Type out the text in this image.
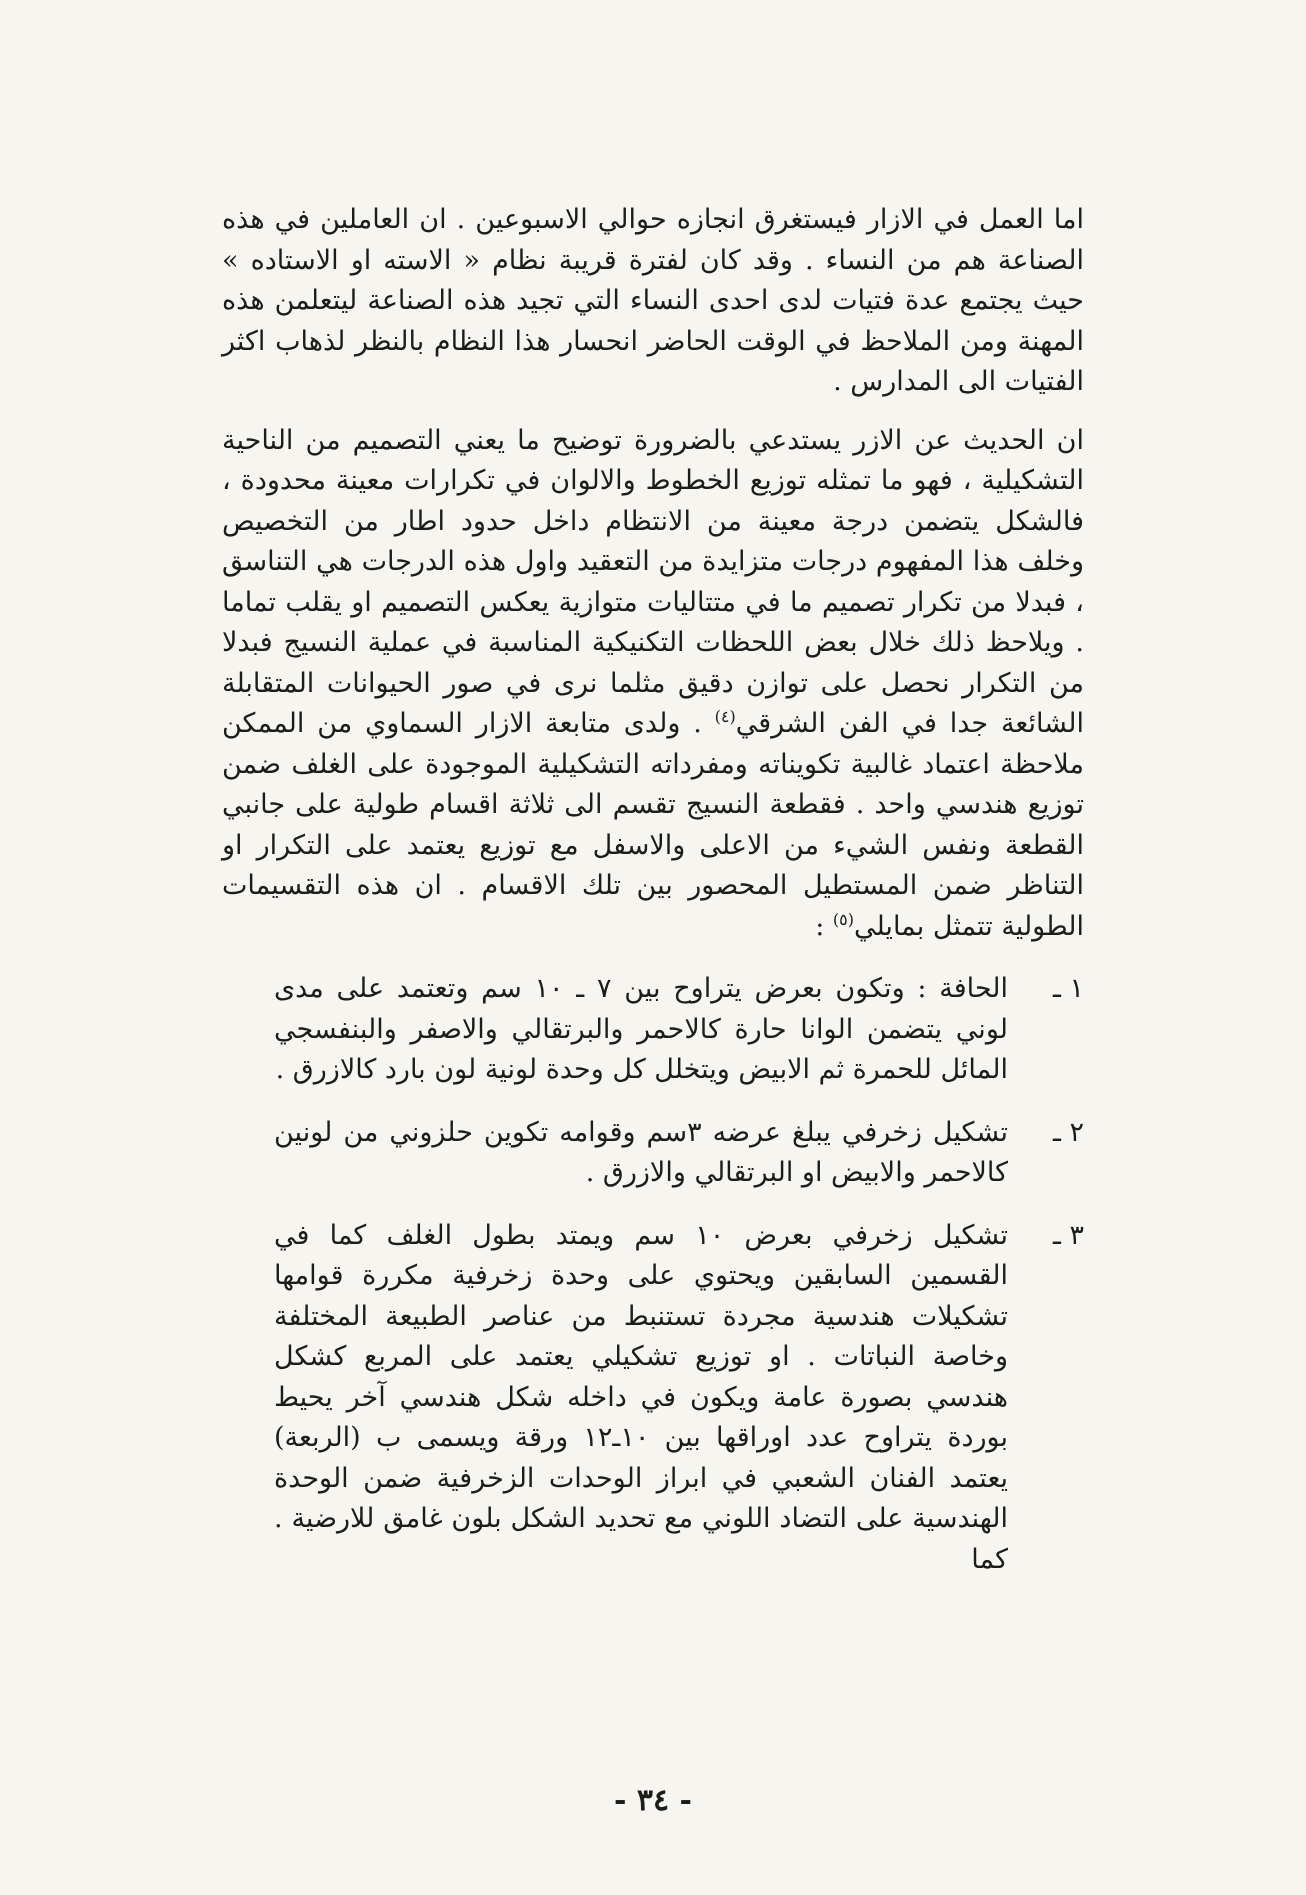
اما العمل في الازار فيستغرق انجازه حوالي الاسبوعين . ان العاملين في هذه الصناعة هم من النساء . وقد كان لفترة قريبة نظام « الاسته او الاستاده » حيث يجتمع عدة فتيات لدى احدى النساء التي تجيد هذه الصناعة ليتعلمن هذه المهنة ومن الملاحظ في الوقت الحاضر انحسار هذا النظام بالنظر لذهاب اكثر الفتيات الى المدارس .

ان الحديث عن الازر يستدعي بالضرورة توضيح ما يعني التصميم من الناحية التشكيلية ، فهو ما تمثله توزيع الخطوط والالوان في تكرارات معينة محدودة ، فالشكل يتضمن درجة معينة من الانتظام داخل حدود اطار من التخصيص وخلف هذا المفهوم درجات متزايدة من التعقيد واول هذه الدرجات هي التناسق ، فبدلا من تكرار تصميم ما في متتاليات متوازية يعكس التصميم او يقلب تماما . ويلاحظ ذلك خلال بعض اللحظات التكنيكية المناسبة في عملية النسيج فبدلا من التكرار نحصل على توازن دقيق مثلما نرى في صور الحيوانات المتقابلة الشائعة جدا في الفن الشرقي$^{(٤)}$ . ولدى متابعة الازار السماوي من الممكن ملاحظة اعتماد غالبية تكويناته ومفرداته التشكيلية الموجودة على الغلف ضمن توزيع هندسي واحد . فقطعة النسيج تقسم الى ثلاثة اقسام طولية على جانبي القطعة ونفس الشيء من الاعلى والاسفل مع توزيع يعتمد على التكرار او التناظر ضمن المستطيل المحصور بين تلك الاقسام . ان هذه التقسيمات الطولية تتمثل بمايلي$^{(٥)}$ :

١ ـ
الحافة : وتكون بعرض يتراوح بين ٧ ـ ١٠ سم وتعتمد على مدى لوني يتضمن الوانا حارة كالاحمر والبرتقالي والاصفر والبنفسجي المائل للحمرة ثم الابيض ويتخلل كل وحدة لونية لون بارد كالازرق .
٢ ـ
تشكيل زخرفي يبلغ عرضه ٣سم وقوامه تكوين حلزوني من لونين كالاحمر والابيض او البرتقالي والازرق .
٣ ـ
تشكيل زخرفي بعرض ١٠ سم ويمتد بطول الغلف كما في القسمين السابقين ويحتوي على وحدة زخرفية مكررة قوامها تشكيلات هندسية مجردة تستنبط من عناصر الطبيعة المختلفة وخاصة النباتات . او توزيع تشكيلي يعتمد على المربع كشكل هندسي بصورة عامة ويكون في داخله شكل هندسي آخر يحيط بوردة يتراوح عدد اوراقها بين ١٠ـ١٢ ورقة ويسمى ب (الربعة) يعتمد الفنان الشعبي في ابراز الوحدات الزخرفية ضمن الوحدة الهندسية على التضاد اللوني مع تحديد الشكل بلون غامق للارضية . كما
- ٣٤ -
